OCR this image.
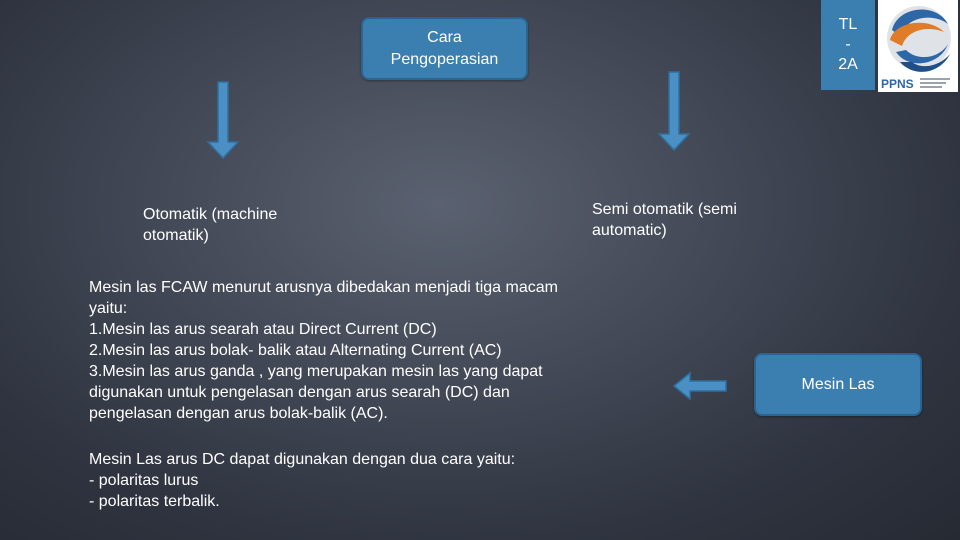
Cara
Pengoperasian
TL
-
2A
PPNS
Otomatik (machine
otomatik)
Semi otomatik (semi
automatic)
Mesin las FCAW menurut arusnya dibedakan menjadi tiga macam
yaitu:
1.Mesin las arus searah atau Direct Current (DC)
2.Mesin las arus bolak- balik atau Alternating Current (AC)
3.Mesin las arus ganda , yang merupakan mesin las yang dapat
digunakan untuk pengelasan dengan arus searah (DC) dan
pengelasan dengan arus bolak-balik (AC).
Mesin Las
Mesin Las arus DC dapat digunakan dengan dua cara yaitu:
- polaritas lurus
- polaritas terbalik.
